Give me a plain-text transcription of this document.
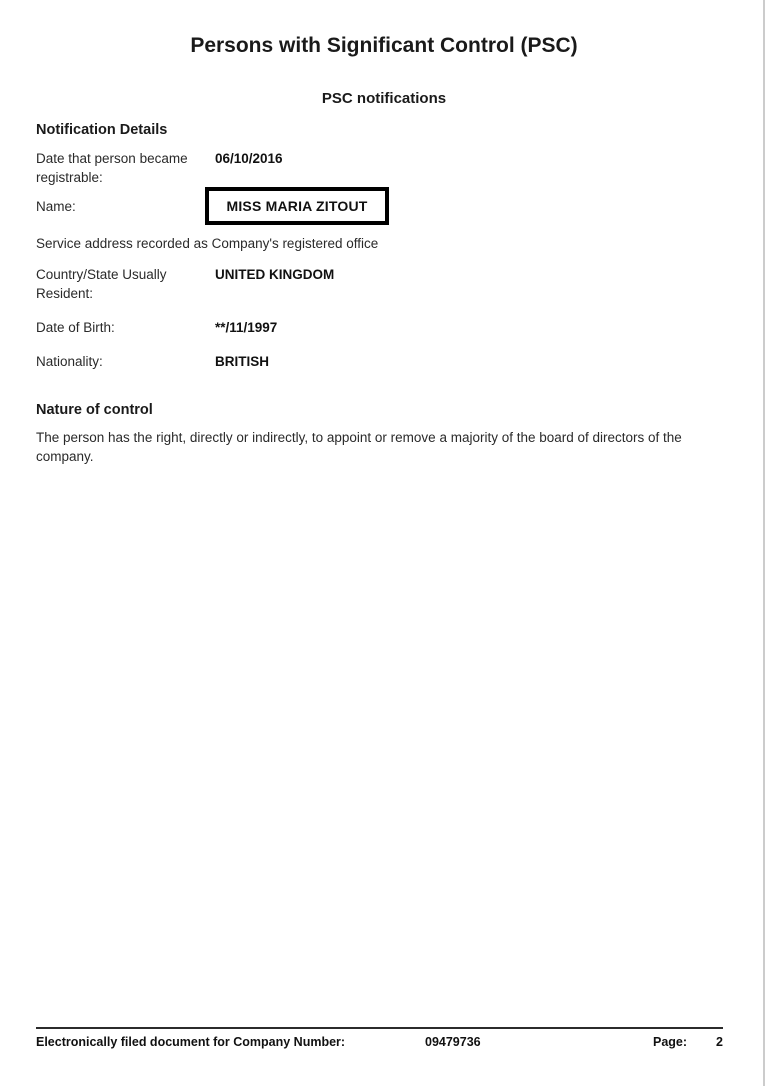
Persons with Significant Control (PSC)
PSC notifications
Notification Details
Date that person became registrable:
06/10/2016
Name:	MISS MARIA ZITOUT
Service address recorded as Company's registered office
Country/State Usually Resident:
UNITED KINGDOM
Date of Birth:	**/11/1997
Nationality:	BRITISH
Nature of control
The person has the right, directly or indirectly, to appoint or remove a majority of the board of directors of the company.
Electronically filed document for Company Number:	09479736	Page: 2
